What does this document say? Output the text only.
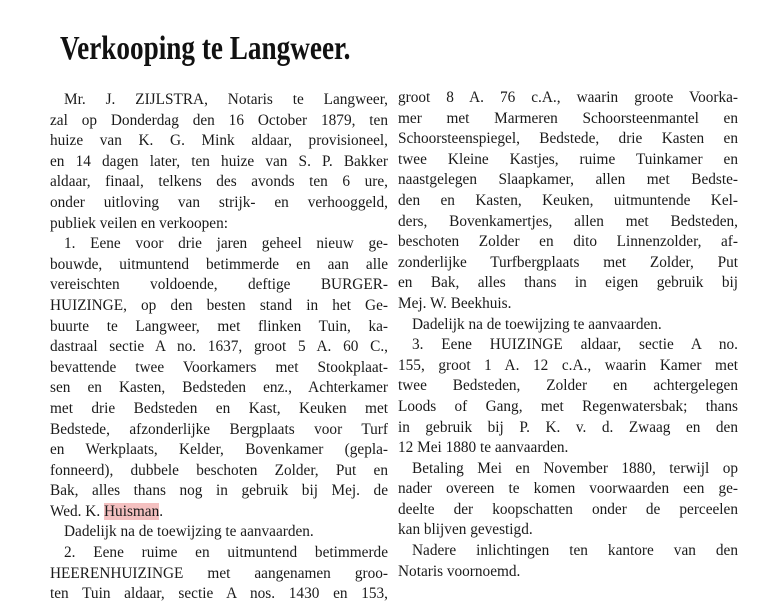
Verkooping te Langweer.
Mr. J. ZIJLSTRA, Notaris te Langweer,
zal op Donderdag den 16 October 1879, ten
huize van K. G. Mink aldaar, provisioneel,
en 14 dagen later, ten huize van S. P. Bakker
aldaar, finaal, telkens des avonds ten 6 ure,
onder uitloving van strijk- en verhooggeld,
publiek veilen en verkoopen:
1. Eene voor drie jaren geheel nieuw ge-
bouwde, uitmuntend betimmerde en aan alle
vereischten voldoende, deftige BURGER-
HUIZINGE, op den besten stand in het Ge-
buurte te Langweer, met flinken Tuin, ka-
dastraal sectie A no. 1637, groot 5 A. 60 C.,
bevattende twee Voorkamers met Stookplaat-
sen en Kasten, Bedsteden enz., Achterkamer
met drie Bedsteden en Kast, Keuken met
Bedstede, afzonderlijke Bergplaats voor Turf
en Werkplaats, Kelder, Bovenkamer (gepla-
fonneerd), dubbele beschoten Zolder, Put en
Bak, alles thans nog in gebruik bij Mej. de
Wed. K. Huisman.
Dadelijk na de toewijzing te aanvaarden.
2. Eene ruime en uitmuntend betimmerde
HEERENHUIZINGE met aangenamen groo-
ten Tuin aldaar, sectie A nos. 1430 en 153,
groot 8 A. 76 c.A., waarin groote Voorka-
mer met Marmeren Schoorsteenmantel en
Schoorsteenspiegel, Bedstede, drie Kasten en
twee Kleine Kastjes, ruime Tuinkamer en
naastgelegen Slaapkamer, allen met Bedste-
den en Kasten, Keuken, uitmuntende Kel-
ders, Bovenkamertjes, allen met Bedsteden,
beschoten Zolder en dito Linnenzolder, af-
zonderlijke Turfbergplaats met Zolder, Put
en Bak, alles thans in eigen gebruik bij
Mej. W. Beekhuis.
Dadelijk na de toewijzing te aanvaarden.
3. Eene HUIZINGE aldaar, sectie A no.
155, groot 1 A. 12 c.A., waarin Kamer met
twee Bedsteden, Zolder en achtergelegen
Loods of Gang, met Regenwatersbak; thans
in gebruik bij P. K. v. d. Zwaag en den
12 Mei 1880 te aanvaarden.
Betaling Mei en November 1880, terwijl op
nader overeen te komen voorwaarden een ge-
deelte der koopschatten onder de perceelen
kan blijven gevestigd.
Nadere inlichtingen ten kantore van den
Notaris voornoemd.
